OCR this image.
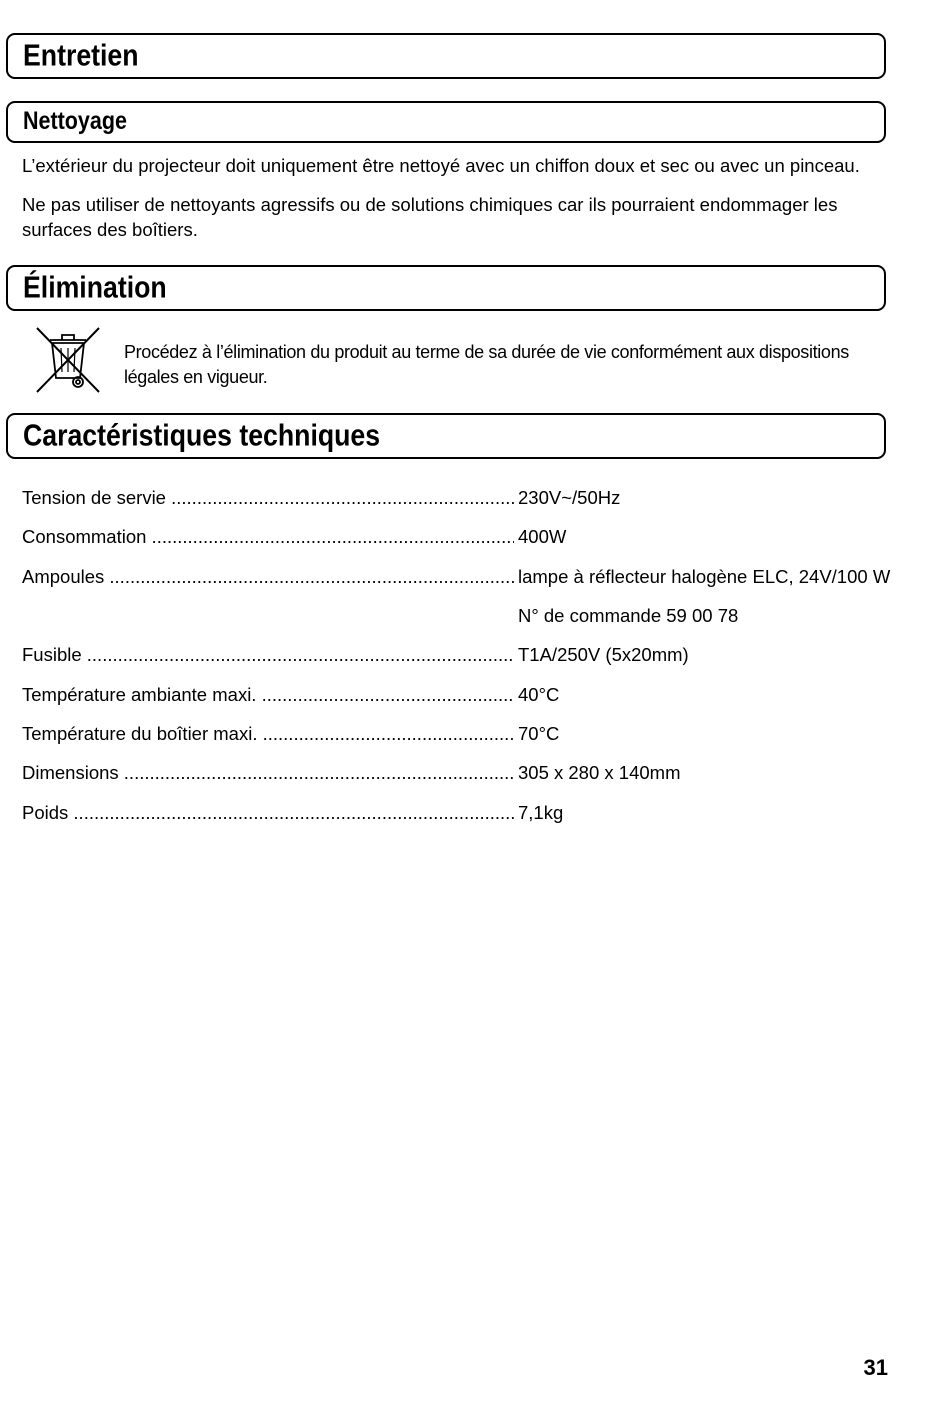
Entretien
Nettoyage
L’extérieur du projecteur doit uniquement être nettoyé avec un chiffon doux et sec ou avec un pinceau.
Ne pas utiliser de nettoyants agressifs ou de solutions chimiques car ils pourraient endommager les surfaces des boîtiers.
Élimination
Procédez à l’élimination du produit au terme de sa durée de vie conformément aux dispositions légales en vigueur.
Caractéristiques techniques
Tension de servie .....	230V~/50Hz
Consommation .....	400W
Ampoules .....	lampe à réflecteur halogène ELC, 24V/100 W
N° de commande 59 00 78
Fusible .....	T1A/250V (5x20mm)
Température ambiante maxi. .....	40°C
Température du boîtier maxi. .....	70°C
Dimensions .....	305 x 280 x 140mm
Poids .....	7,1kg
31
